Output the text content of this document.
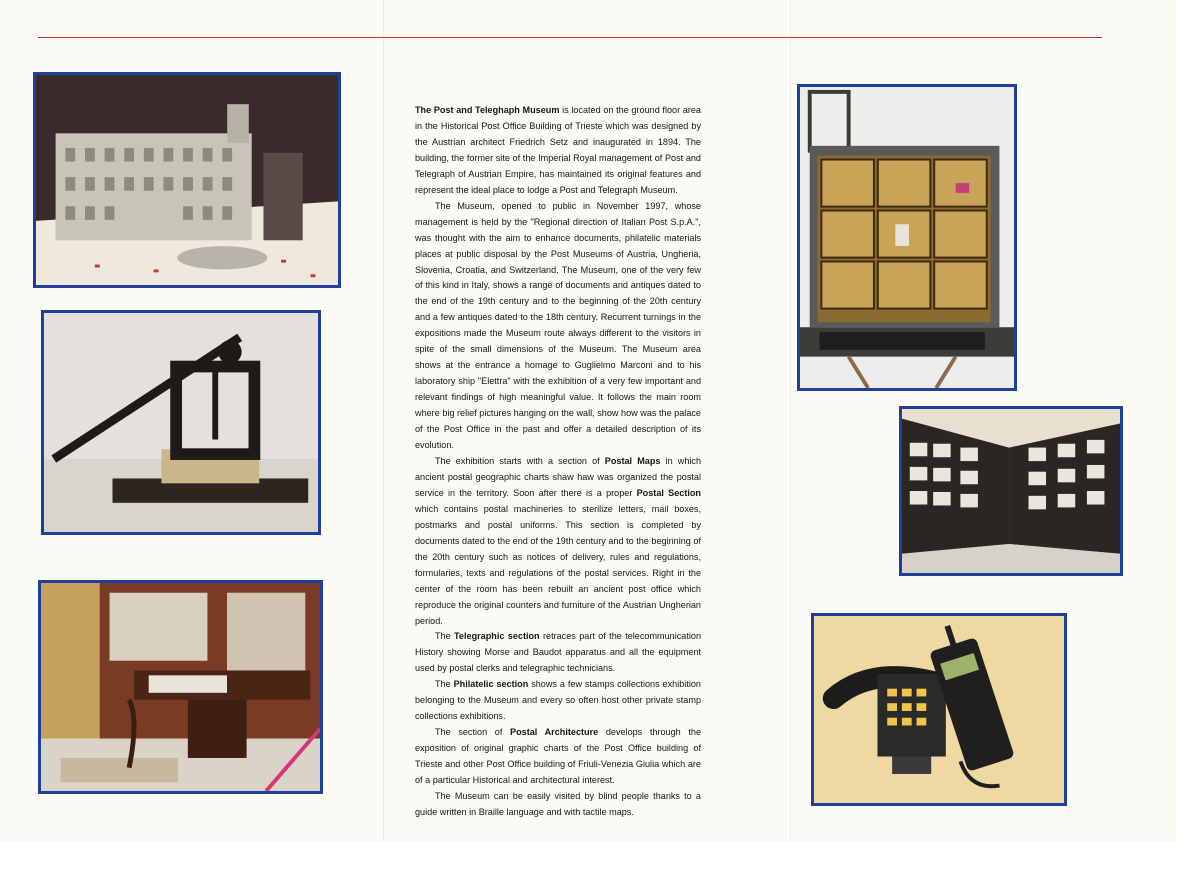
The Post and Teleghaph Museum is located on the ground floor area in the Historical Post Office Building of Trieste which was designed by the Austrian architect Friedrich Setz and inaugurated in 1894. The building, the former site of the Imperial Royal management of Post and Telegraph of Austrian Empire, has maintained its original features and represent the ideal place to lodge a Post and Telegraph Museum.

The Museum, opened to public in November 1997, whose management is held by the "Regional direction of Italian Post S.p.A.", was thought with the aim to enhance documents, philatelic materials places at public disposal by the Post Museums of Austria, Ungheria, Slovenia, Croatia, and Switzerland. The Museum, one of the very few of this kind in Italy, shows a range of documents and antiques dated to the end of the 19th century and to the beginning of the 20th century and a few antiques dated to the 18th century. Recurrent turnings in the expositions made the Museum route always different to the visitors in spite of the small dimensions of the Museum. The Museum area shows at the entrance a homage to Guglielmo Marconi and to his laboratory ship "Elettra" with the exhibition of a very few important and relevant findings of high meaningful value. It follows the main room where big relief pictures hanging on the wall, show how was the palace of the Post Office in the past and offer a detailed description of its evolution.

The exhibition starts with a section of Postal Maps in which ancient postal geographic charts shaw haw was organized the postal service in the territory. Soon after there is a proper Postal Section which contains postal machineries to sterilize letters, mail boxes, postmarks and postal uniforms. This section is completed by documents dated to the end of the 19th century and to the beginning of the 20th century such as notices of delivery, rules and regulations, formularies, texts and regulations of the postal services. Right in the center of the room has been rebuilt an ancient post office which reproduce the original counters and furniture of the Austrian Ungherian period.

The Telegraphic section retraces part of the telecommunication History showing Morse and Baudot apparatus and all the equipment used by postal clerks and telegraphic technicians.

The Philatelic section shows a few stamps collections exhibition belonging to the Museum and every so often host other private stamp collections exhibitions.

The section of Postal Architecture develops through the exposition of original graphic charts of the Post Office building of Trieste and other Post Office building of Friuli-Venezia Giulia which are of a particular Historical and architectural interest.

The Museum can be easily visited by blind people thanks to a guide written in Braille language and with tactile maps.
